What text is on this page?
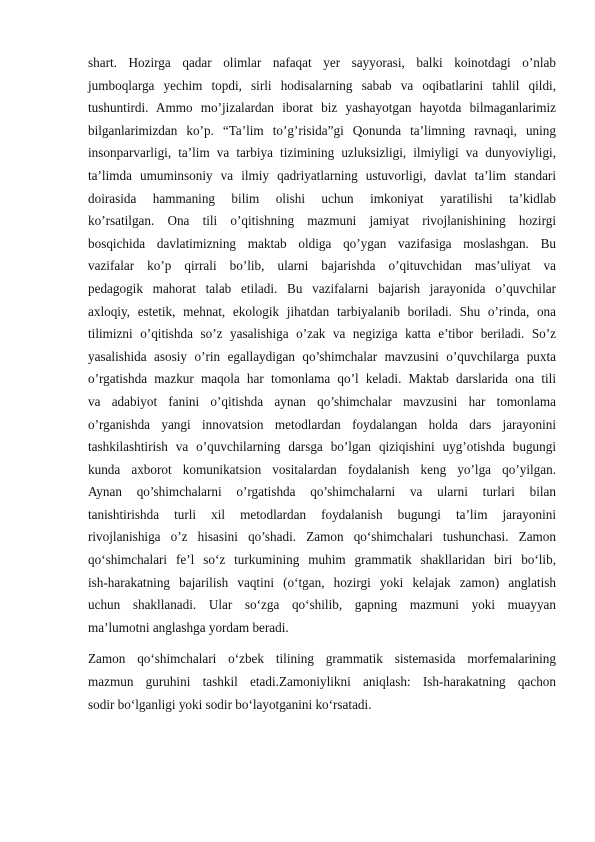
shart. Hozirga qadar olimlar nafaqat yer sayyorasi, balki koinotdagi o’nlab
jumboqlarga yechim topdi, sirli hodisalarning sabab va oqibatlarini tahlil qildi,
tushuntirdi. Ammo mo’jizalardan iborat biz yashayotgan hayotda bilmaganlarimiz
bilganlarimizdan ko’p. “Ta’lim to’g’risida”gi Qonunda ta’limning ravnaqi, uning
insonparvarligi, ta’lim va tarbiya tizimining uzluksizligi, ilmiyligi va dunyoviyligi,
ta’limda umuminsoniy va ilmiy qadriyatlarning ustuvorligi, davlat ta’lim standari
doirasida hammaning bilim olishi uchun imkoniyat yaratilishi ta’kidlab
ko’rsatilgan. Ona tili o’qitishning mazmuni jamiyat rivojlanishining hozirgi
bosqichida davlatimizning maktab oldiga qo’ygan vazifasiga moslashgan. Bu
vazifalar ko’p qirrali bo’lib, ularni bajarishda o’qituvchidan mas’uliyat va
pedagogik mahorat talab etiladi. Bu vazifalarni bajarish jarayonida o’quvchilar
axloqiy, estetik, mehnat, ekologik jihatdan tarbiyalanib boriladi. Shu o’rinda, ona
tilimizni o’qitishda so’z yasalishiga o’zak va negiziga katta e’tibor beriladi. So’z
yasalishida asosiy o’rin egallaydigan qo’shimchalar mavzusini o’quvchilarga puxta
o’rgatishda mazkur maqola har tomonlama qo’l keladi. Maktab darslarida ona tili
va adabiyot fanini o’qitishda aynan qo’shimchalar mavzusini har tomonlama
o’rganishda yangi innovatsion metodlardan foydalangan holda dars jarayonini
tashkilashtirish va o’quvchilarning darsga bo’lgan qiziqishini uyg’otishda bugungi
kunda axborot komunikatsion vositalardan foydalanish keng yo’lga qo’yilgan.
Aynan qo’shimchalarni o’rgatishda qo’shimchalarni va ularni turlari bilan
tanishtirishda turli xil metodlardan foydalanish bugungi ta’lim jarayonini
rivojlanishiga o’z hisasini qo’shadi. Zamon qo‘shimchalari tushunchasi. Zamon
qo‘shimchalari fe’l so‘z turkumining muhim grammatik shakllaridan biri bo‘lib,
ish-harakatning bajarilish vaqtini (o‘tgan, hozirgi yoki kelajak zamon) anglatish
uchun shakllanadi. Ular so‘zga qo‘shilib, gapning mazmuni yoki muayyan
ma’lumotni anglashga yordam beradi.
Zamon qo‘shimchalari o‘zbek tilining grammatik sistemasida morfemalarining
mazmun guruhini tashkil etadi.Zamoniylikni aniqlash: Ish-harakatning qachon
sodir bo‘lganligi yoki sodir bo‘layotganini ko‘rsatadi.
